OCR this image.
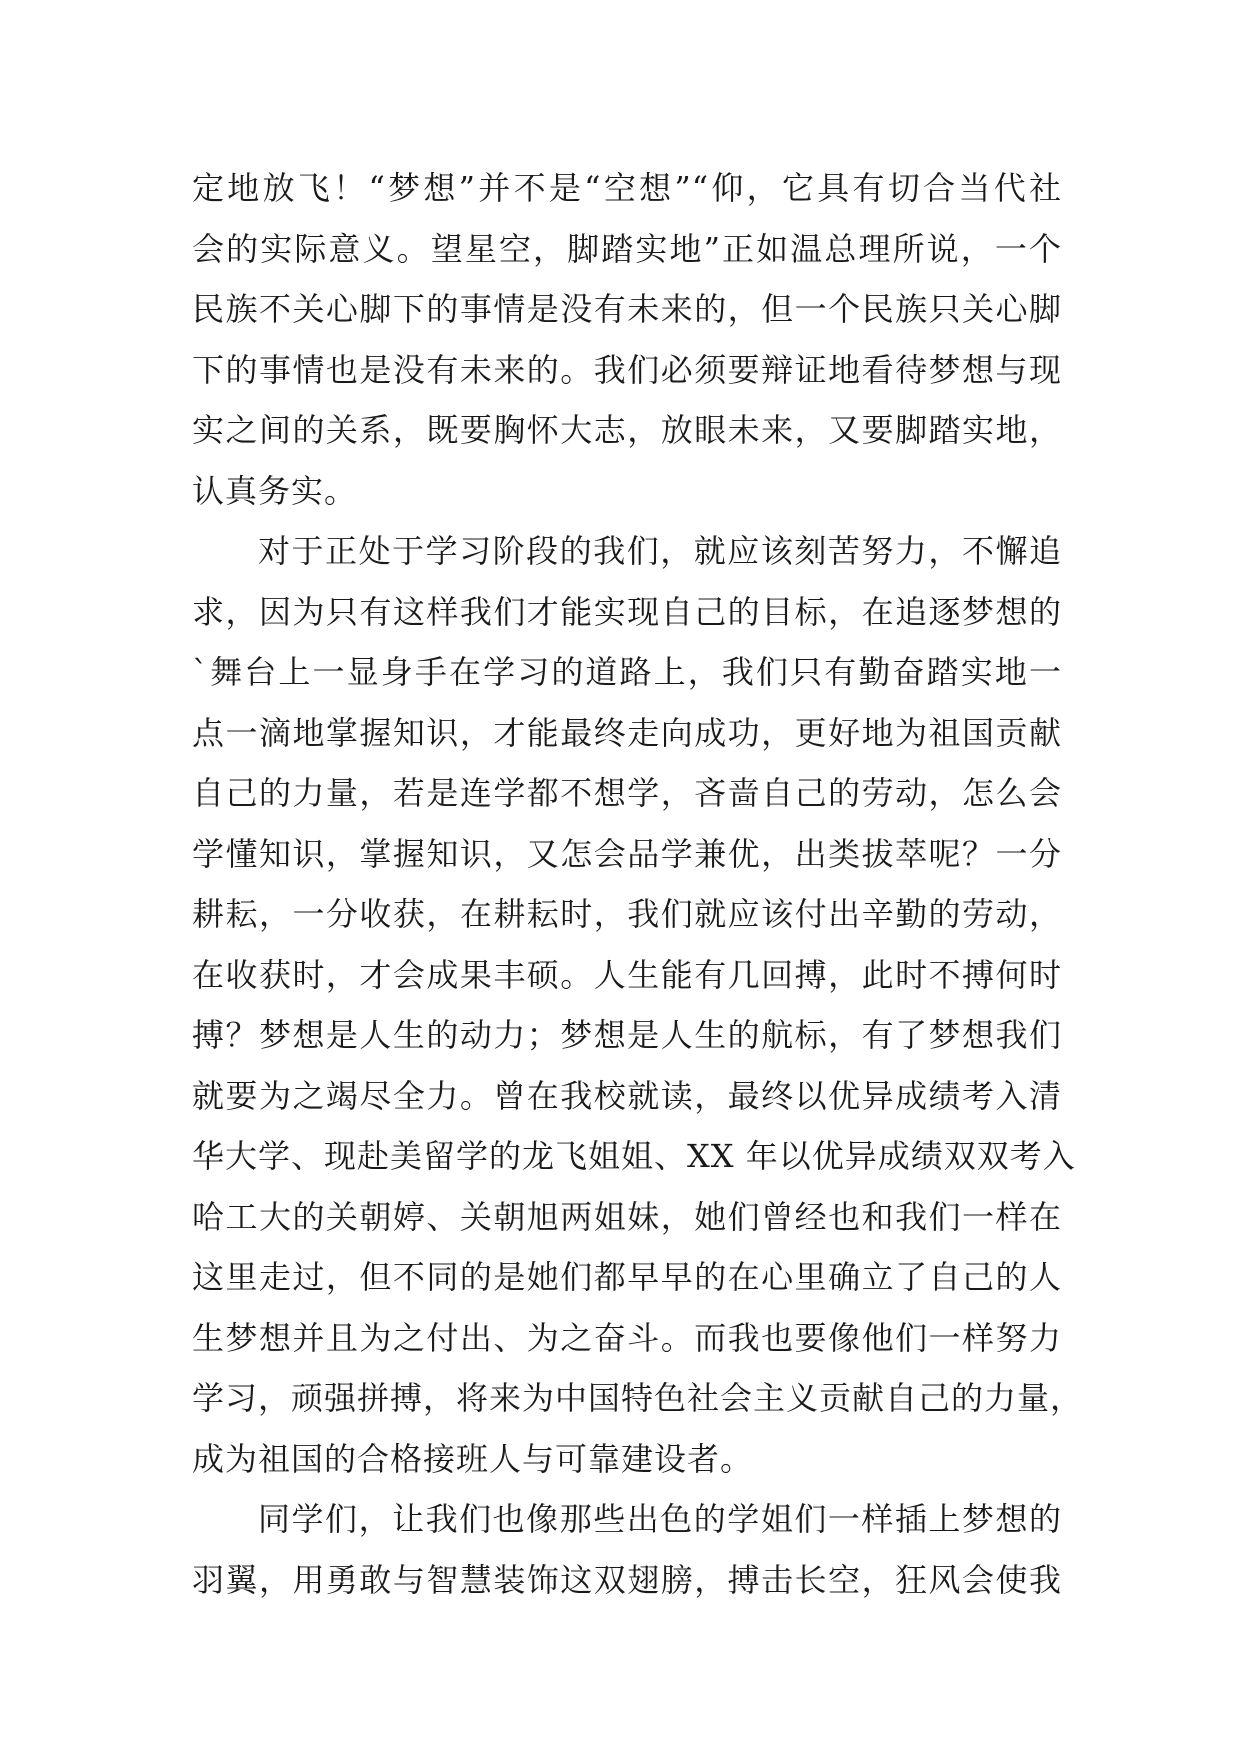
定地放飞！“梦想”并不是“空想”“仰，它具有切合当代社
会的实际意义。望星空，脚踏实地”正如温总理所说，一个
民族不关心脚下的事情是没有未来的，但一个民族只关心脚
下的事情也是没有未来的。我们必须要辩证地看待梦想与现
实之间的关系，既要胸怀大志，放眼未来，又要脚踏实地，
认真务实。
对于正处于学习阶段的我们，就应该刻苦努力，不懈追
求，因为只有这样我们才能实现自己的目标，在追逐梦想的
`舞台上一显身手在学习的道路上，我们只有勤奋踏实地一
点一滴地掌握知识，才能最终走向成功，更好地为祖国贡献
自己的力量，若是连学都不想学，吝啬自己的劳动，怎么会
学懂知识，掌握知识，又怎会品学兼优，出类拔萃呢？一分
耕耘，一分收获，在耕耘时，我们就应该付出辛勤的劳动，
在收获时，才会成果丰硕。人生能有几回搏，此时不搏何时
搏？梦想是人生的动力；梦想是人生的航标，有了梦想我们
就要为之竭尽全力。曾在我校就读，最终以优异成绩考入清
华大学、现赴美留学的龙飞姐姐、XX 年以优异成绩双双考入
哈工大的关朝婷、关朝旭两姐妹，她们曾经也和我们一样在
这里走过，但不同的是她们都早早的在心里确立了自己的人
生梦想并且为之付出、为之奋斗。而我也要像他们一样努力
学习，顽强拼搏，将来为中国特色社会主义贡献自己的力量，
成为祖国的合格接班人与可靠建设者。
同学们，让我们也像那些出色的学姐们一样插上梦想的
羽翼，用勇敢与智慧装饰这双翅膀，搏击长空，狂风会使我
